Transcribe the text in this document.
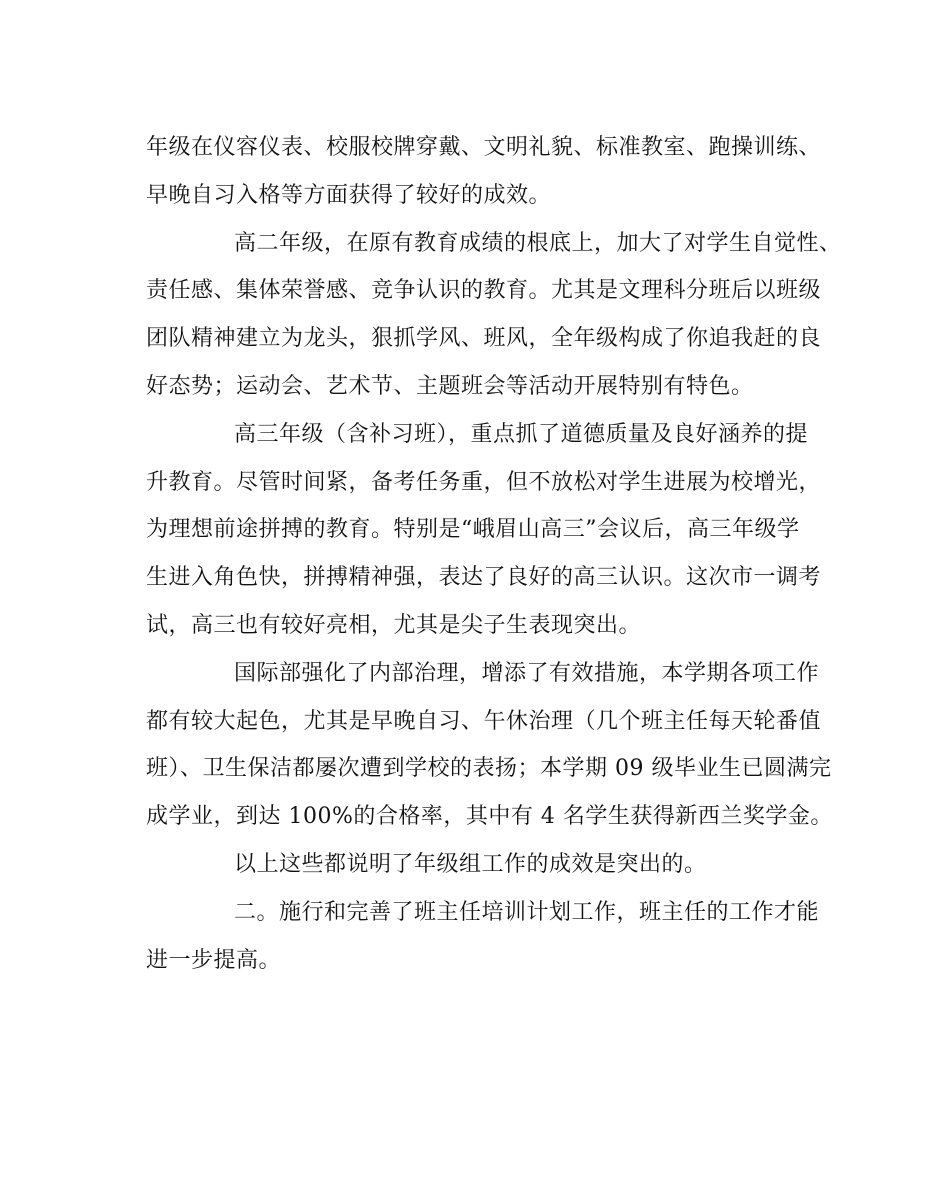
年级在仪容仪表、校服校牌穿戴、文明礼貌、标准教室、跑操训练、
早晚自习入格等方面获得了较好的成效。
高二年级，在原有教育成绩的根底上，加大了对学生自觉性、
责任感、集体荣誉感、竞争认识的教育。尤其是文理科分班后以班级
团队精神建立为龙头，狠抓学风、班风，全年级构成了你追我赶的良
好态势；运动会、艺术节、主题班会等活动开展特别有特色。
高三年级（含补习班），重点抓了道德质量及良好涵养的提
升教育。尽管时间紧，备考任务重，但不放松对学生进展为校增光，
为理想前途拼搏的教育。特别是“峨眉山高三”会议后，高三年级学
生进入角色快，拼搏精神强，表达了良好的高三认识。这次市一调考
试，高三也有较好亮相，尤其是尖子生表现突出。
国际部强化了内部治理，增添了有效措施，本学期各项工作
都有较大起色，尤其是早晚自习、午休治理（几个班主任每天轮番值
班）、卫生保洁都屡次遭到学校的表扬；本学期 09 级毕业生已圆满完
成学业，到达 100%的合格率，其中有 4 名学生获得新西兰奖学金。
以上这些都说明了年级组工作的成效是突出的。
二。施行和完善了班主任培训计划工作，班主任的工作才能
进一步提高。
